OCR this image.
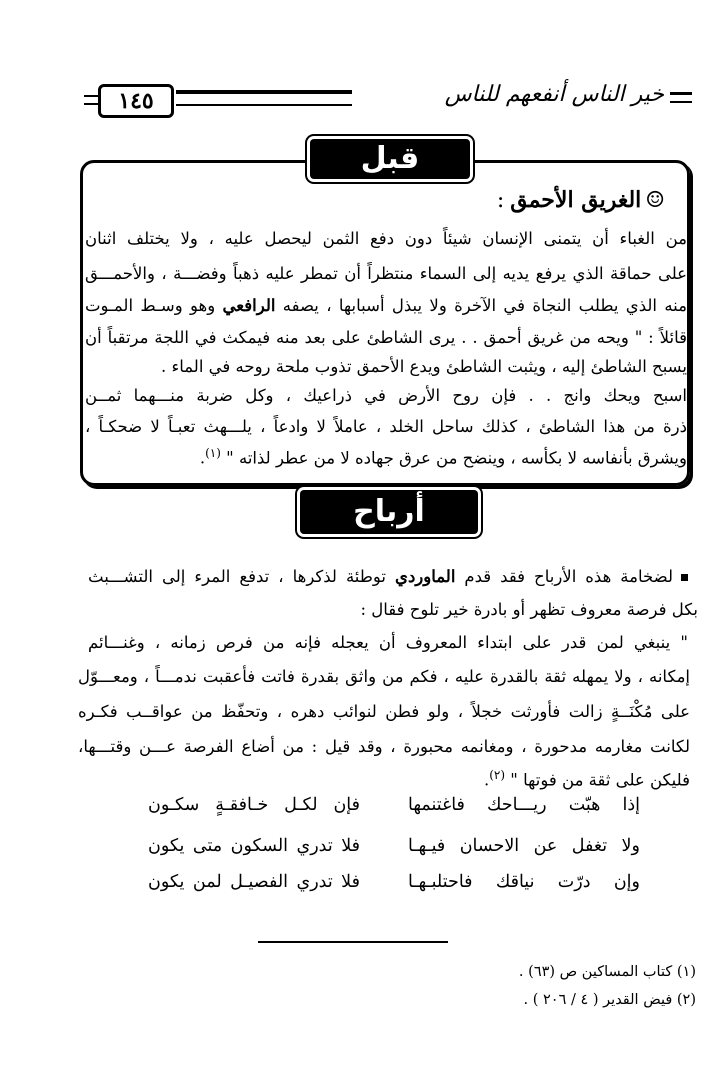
١٤٥	خير الناس أنفعهم للناس
☺الغريق الأحمق:
من الغباء أن يتمنى الإنسان شيئاً دون دفع الثمن ليحصل عليه ، ولا يختلف اثنان
على حماقة الذي يرفع يديه إلى السماء منتظراً أن تمطر عليه ذهباً وفضـــة ، والأحمـــق
منه الذي يطلب النجاة في الآخرة ولا يبذل أسبابها ، يصفه الرافعي وهو وسـط المـوت
قائلاً : " ويحه من غريق أحمق . . يرى الشاطئ على بعد منه فيمكث في اللجة مرتقباً أن
يسبح الشاطئ إليه ، ويثبت الشاطئ ويدع الأحمق تذوب ملحة روحه في الماء .
اسبح ويحك وانج . . فإن روح الأرض في ذراعيك ، وكل ضربة منـــهما ثمــن
ذرة من هذا الشاطئ ، كذلك ساحل الخلد ، عاملاً لا وادعاً ، يلـــهث تعبـاً لا ضحكـاً ،
ويشرق بأنفاسه لا بكأسه ، وينضح من عرق جهاده لا من عطر لذاته " $^{(١)}$.
قبل التنفيذ
أرباح الصفقة
لضخامة هذه الأرباح فقد قدم الماوردي توطئة لذكرها ، تدفع المرء إلى التشـــبث
بكل فرصة معروف تظهر أو بادرة خير تلوح فقال :
" ينبغي لمن قدر على ابتداء المعروف أن يعجله فإنه من فرص زمانه ، وغنـــائم
إمكانه ، ولا يمهله ثقة بالقدرة عليه ، فكم من واثق بقدرة فاتت فأعقبت ندمـــاً ، ومعـــوّل
على مُكْنَــةٍ زالت فأورثت خجلاً ، ولو فطن لنوائب دهره ، وتحفّظ من عواقــب فكـره
لكانت مغارمه مدحورة ، ومغانمه محبورة ، وقد قيل : من أضاع الفرصة عـــن وقتـــها،
فليكن على ثقة من فوتها " $^{(٢)}$.
إذا هبّت ريـــاحك فاغتنمها
فإن لكـل خـافقـةٍ سكـون
ولا تغفل عن الاحسان فيـهـا
فلا تدري السكون متى يكون
وإن درّت نياقك فاحتلبـهـا
فلا تدري الفصيـل لمن يكون
(١) كتاب المساكين ص (٦٣) .
(٢) فيض القدير ( ٤ / ٢٠٦ ) .
